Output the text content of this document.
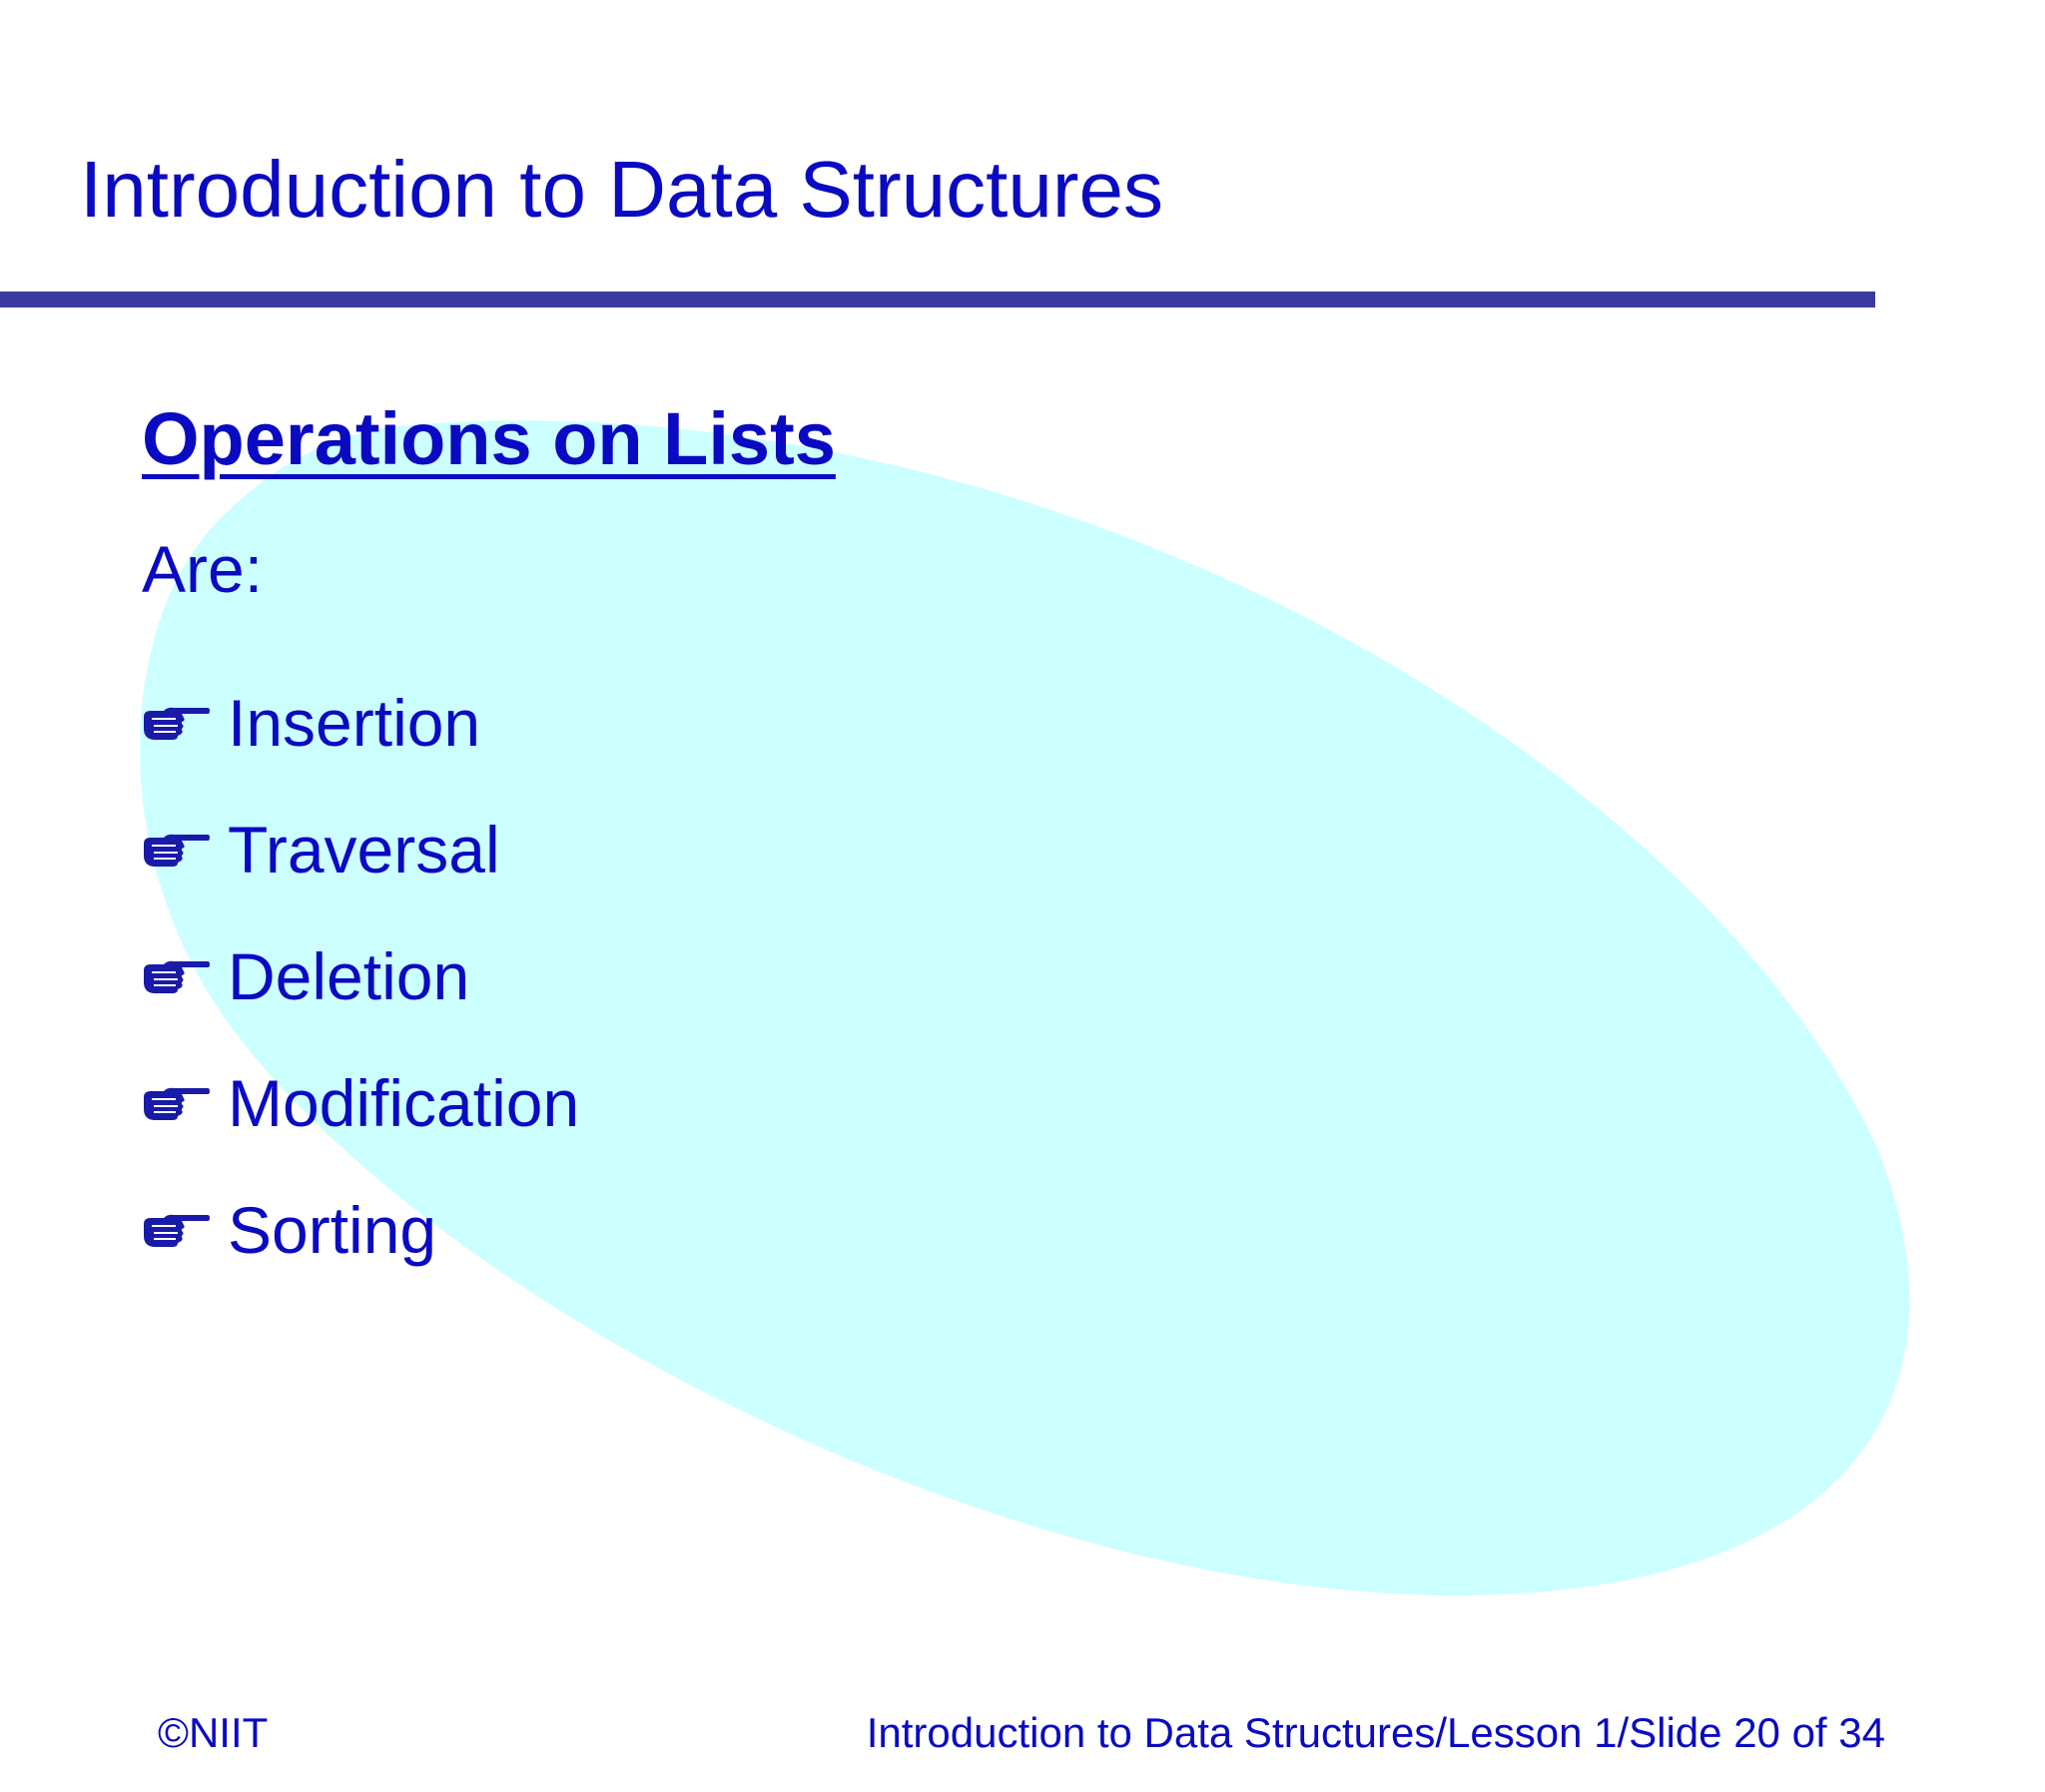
Introduction to Data Structures
Operations on Lists
Are:
Insertion
Traversal
Deletion
Modification
Sorting
©NIIT	Introduction to Data Structures/Lesson 1/Slide 20 of 34
